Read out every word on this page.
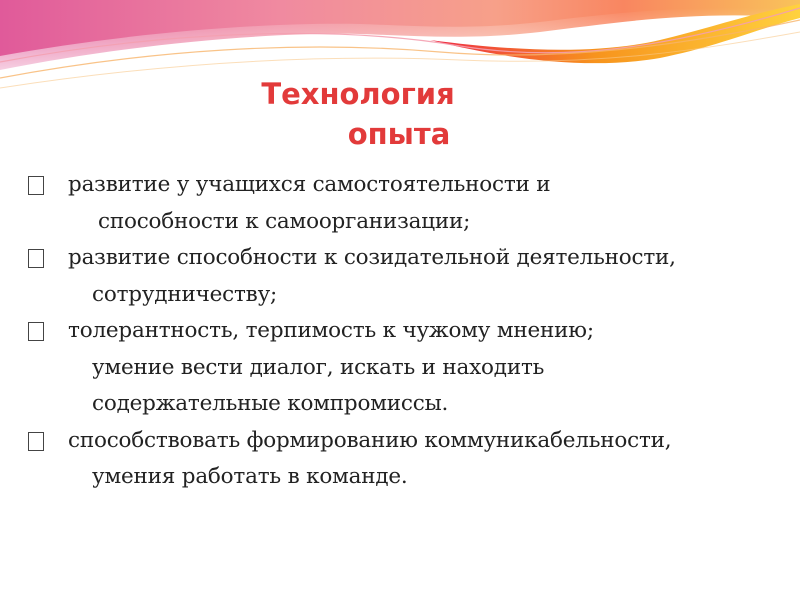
Технология
опыта
развитие у учащихся самостоятельности и
способности к самоорганизации;
развитие способности к созидательной деятельности,
сотрудничеству;
толерантность, терпимость к чужому мнению;
умение вести диалог, искать и находить
содержательные компромиссы.
способствовать формированию коммуникабельности,
умения работать в команде.
